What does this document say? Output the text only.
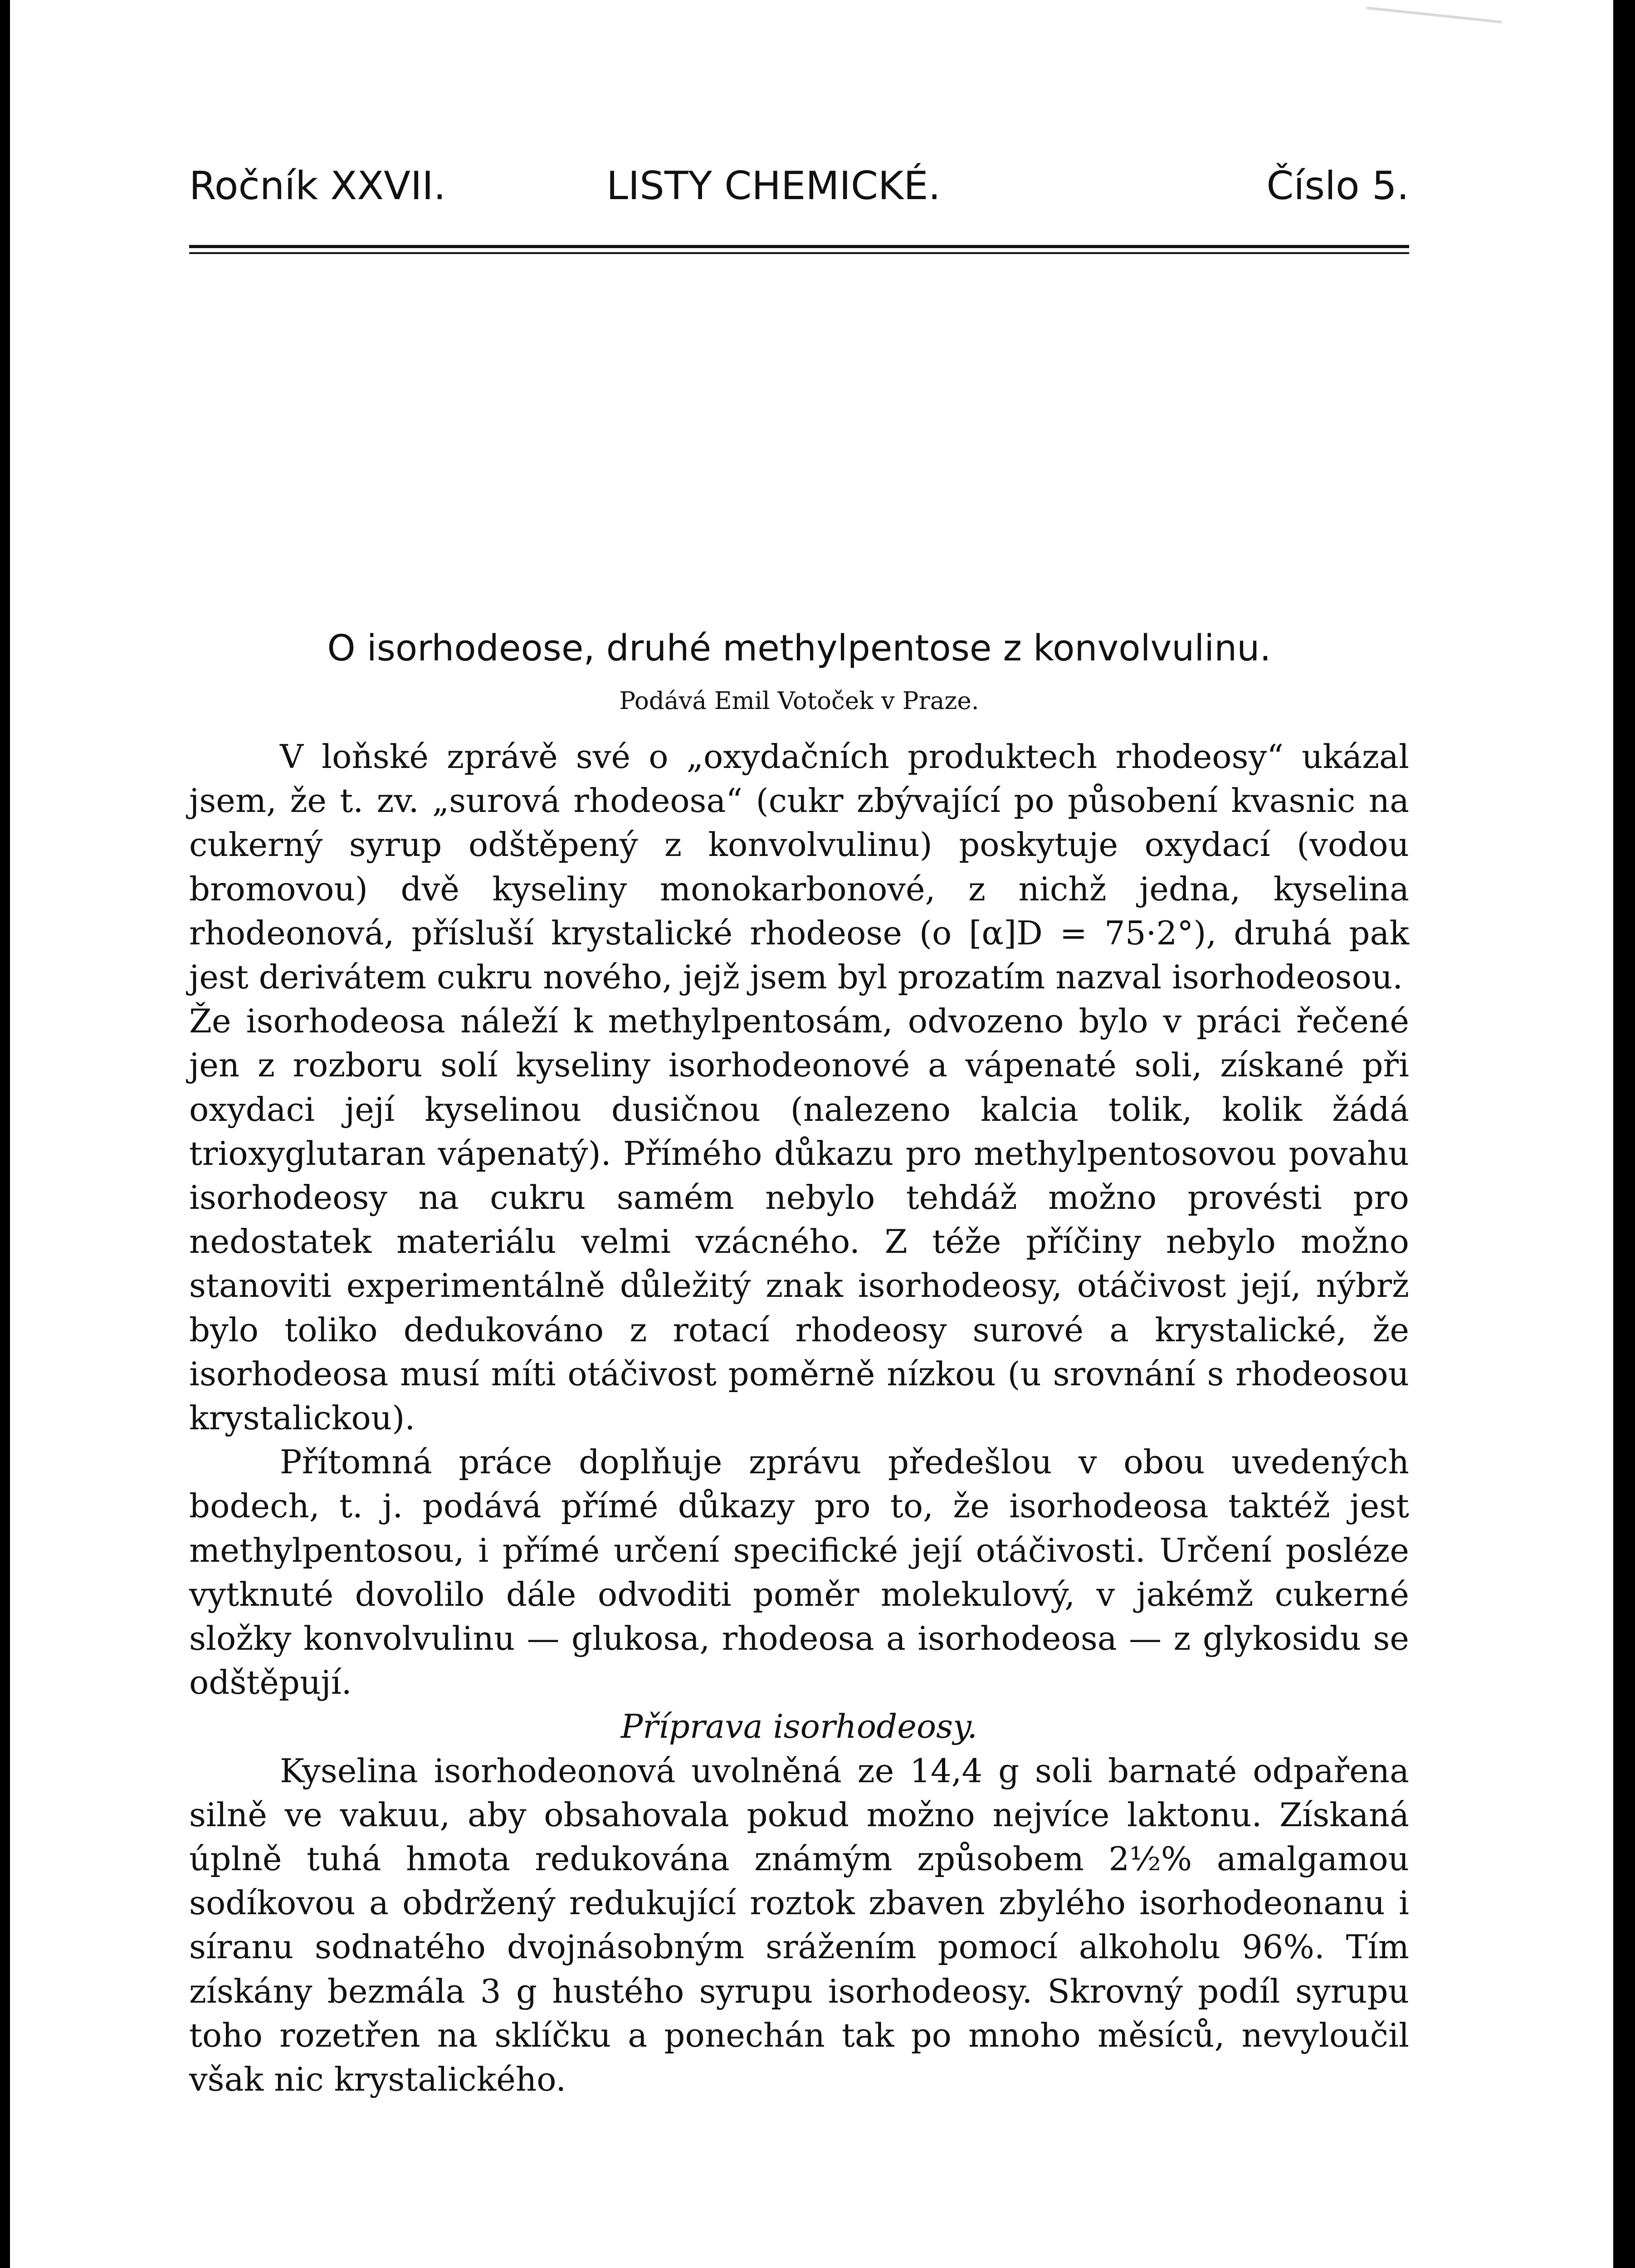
Ročník XXVII.	LISTY CHEMICKÉ.	Číslo 5.
O isorhodeose, druhé methylpentose z konvolvulinu.
Podává Emil Votoček v Praze.

V loňské zprávě své o „oxydačních produktech rhodeosy“ ukázal jsem, že t. zv. „surová rhodeosa“ (cukr zbývající po působení kvasnic na cukerný syrup odštěpený z konvolvulinu) poskytuje oxydací (vodou bromovou) dvě kyseliny monokarbonové, z nichž jedna, kyselina rhodeonová, přísluší krystalické rhodeose (o [α]D = 75·2°), druhá pak jest derivátem cukru nového, jejž jsem byl prozatím nazval isorhodeosou.

Že isorhodeosa náleží k methylpentosám, odvozeno bylo v práci řečené jen z rozboru solí kyseliny isorhodeonové a vápenaté soli, získané při oxydaci její kyselinou dusičnou (nalezeno kalcia tolik, kolik žádá trioxyglutaran vápenatý). Přímého důkazu pro methylpentosovou povahu isorhodeosy na cukru samém nebylo tehdáž možno provésti pro nedostatek materiálu velmi vzácného. Z téže příčiny nebylo možno stanoviti experimentálně důležitý znak isorhodeosy, otáčivost její, nýbrž bylo toliko dedukováno z rotací rhodeosy surové a krystalické, že isorhodeosa musí míti otáčivost poměrně nízkou (u srovnání s rhodeosou krystalickou).

Přítomná práce doplňuje zprávu předešlou v obou uvedených bodech, t. j. podává přímé důkazy pro to, že isorhodeosa taktéž jest methylpentosou, i přímé určení specifické její otáčivosti. Určení posléze vytknuté dovolilo dále odvoditi poměr molekulový, v jakémž cukerné složky konvolvulinu — glukosa, rhodeosa a isorhodeosa — z glykosidu se odštěpují.

Příprava isorhodeosy.

Kyselina isorhodeonová uvolněná ze 14,4 g soli barnaté odpařena silně ve vakuu, aby obsahovala pokud možno nejvíce laktonu. Získaná úplně tuhá hmota redukována známým způsobem 2½% amalgamou sodíkovou a obdržený redukující roztok zbaven zbylého isorhodeonanu i síranu sodnatého dvojnásobným srážením pomocí alkoholu 96%. Tím získány bezmála 3 g hustého syrupu isorhodeosy. Skrovný podíl syrupu toho rozetřen na sklíčku a ponechán tak po mnoho měsíců, nevyloučil však nic krystalického.
